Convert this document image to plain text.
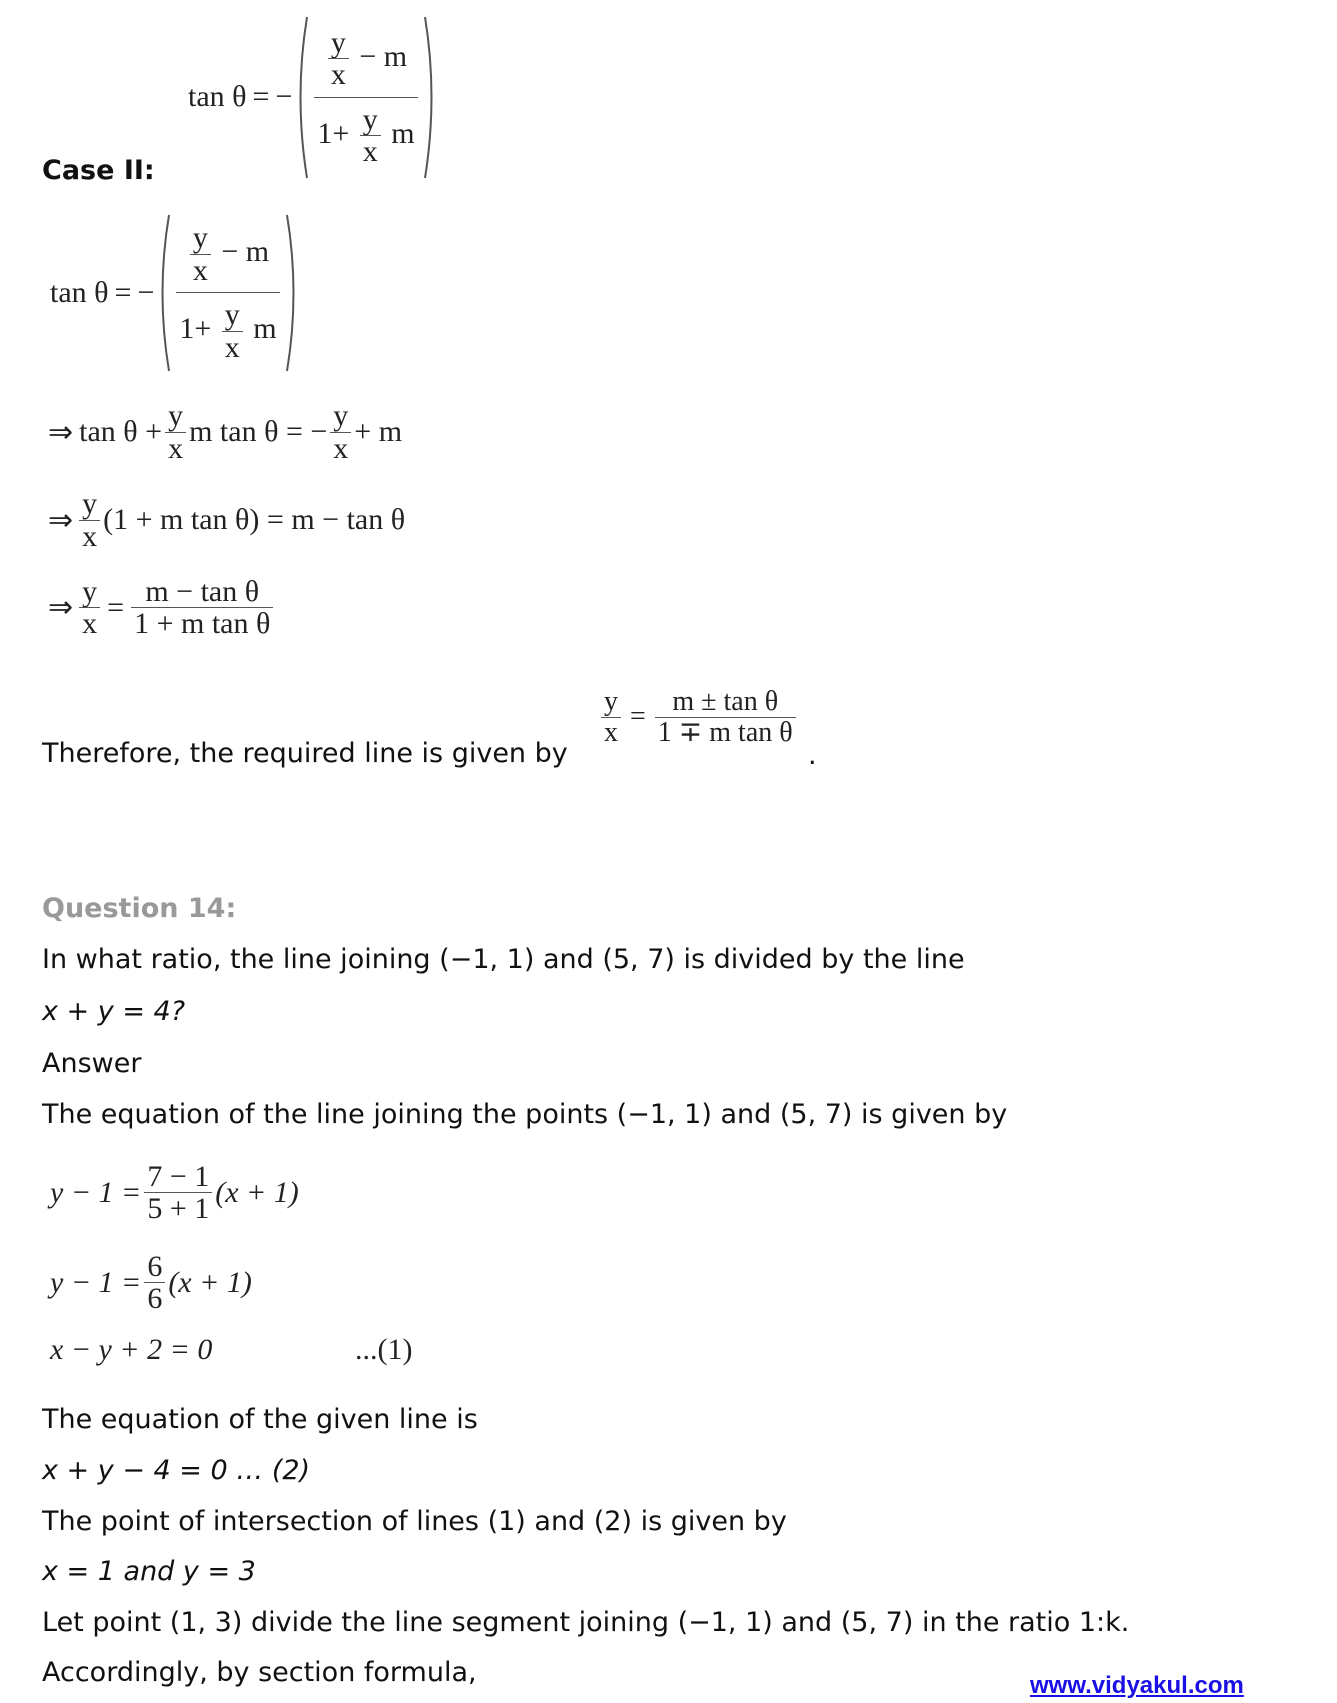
tan θ = − $\frac{\frac{y}{x} - m}{1+ \frac{y}{x} m}$
Case II:
tan θ = − $\frac{\frac{y}{x} - m}{1+ \frac{y}{x} m}$
⇒ $\tan \theta + \frac{y}{x}$ m tan θ = − $\frac{y}{x} + m$
⇒ $\frac{y}{x} (1 + m$ tan θ) = m − tan θ
⇒ $\frac{y}{x} = \frac{\text{m − tan θ}}{\text{1 + m tan θ}}$
Therefore, the required line is given by
$\frac{y}{x} = \frac{\text{m ± tan θ}}{\text{1 ∓ m tan θ}}$
.
Question 14:
In what ratio, the line joining (−1, 1) and (5, 7) is divided by the line
x + y = 4?
Answer
The equation of the line joining the points (−1, 1) and (5, 7) is given by
$y - 1 = \frac{7 - 1}{5 + 1} (x + 1)$
$y - 1 = \frac{6}{6} (x + 1)$
x − y + 2 = 0	...(1)
The equation of the given line is
x + y − 4 = 0 … (2)
The point of intersection of lines (1) and (2) is given by
x = 1 and y = 3
Let point (1, 3) divide the line segment joining (−1, 1) and (5, 7) in the ratio 1:k.
Accordingly, by section formula,	www.vidyakul.com
